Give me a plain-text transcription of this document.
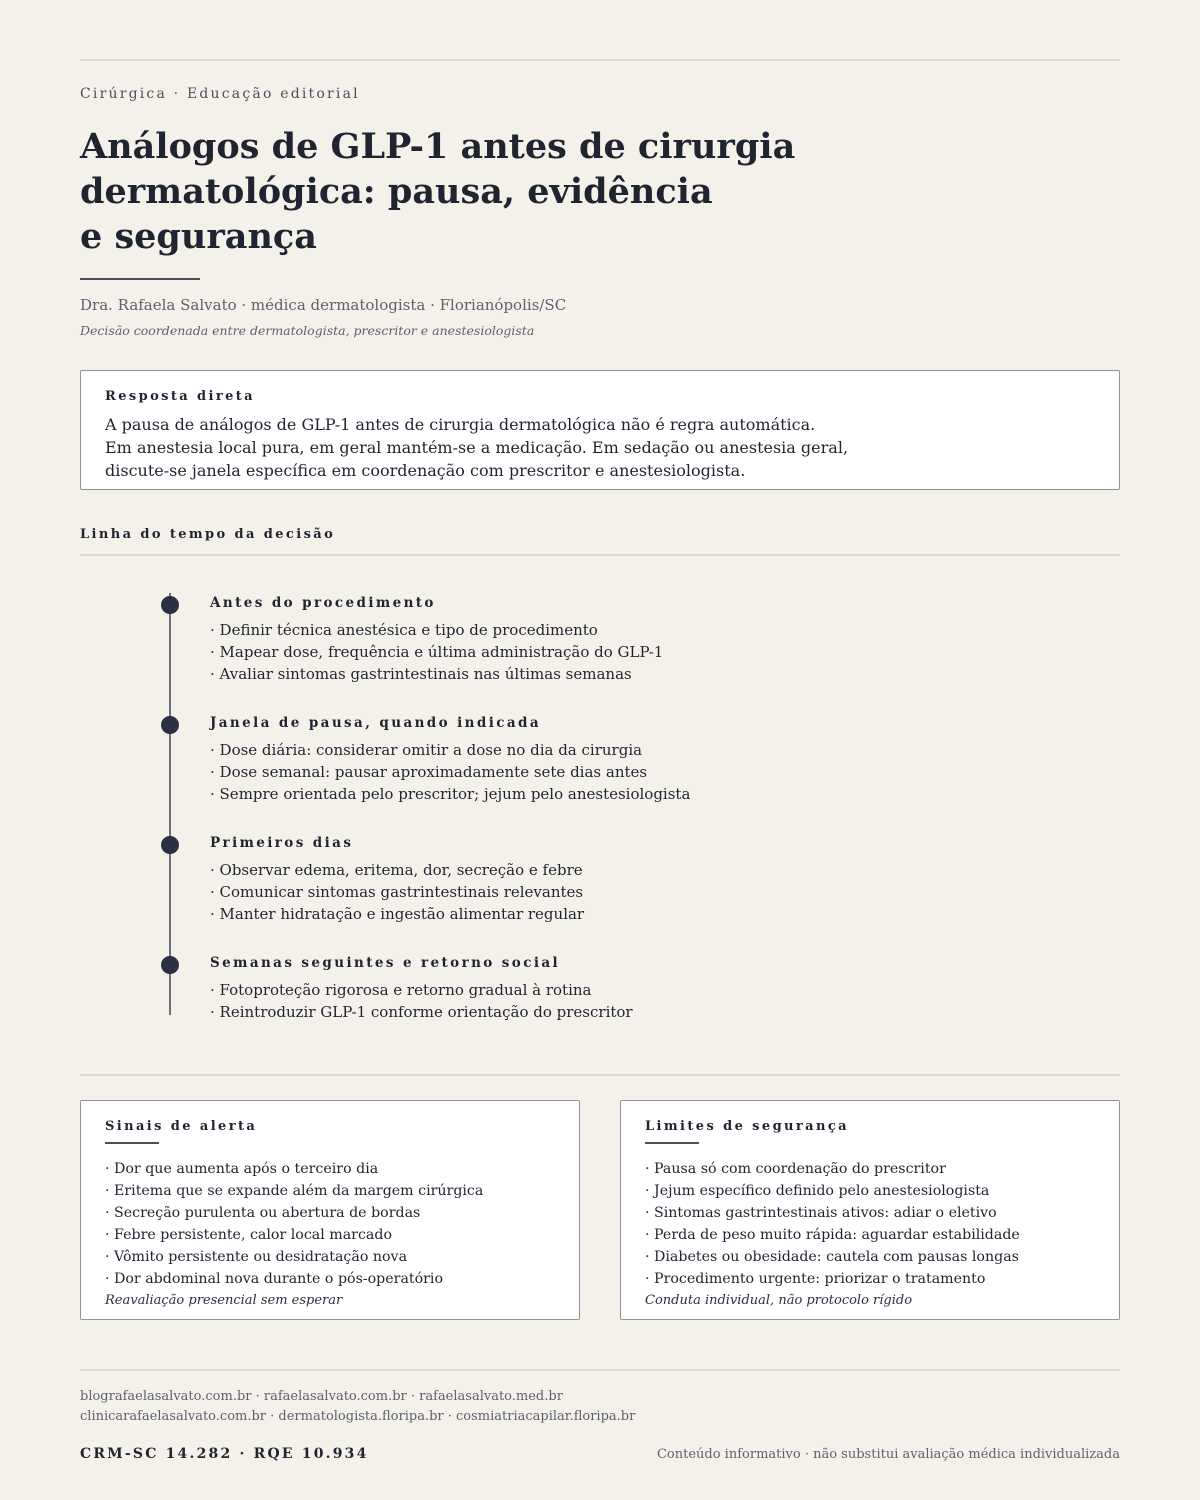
Cirúrgica · Educação editorial
Análogos de GLP-1 antes de cirurgia
dermatológica: pausa, evidência
e segurança
Dra. Rafaela Salvato · médica dermatologista · Florianópolis/SC
Decisão coordenada entre dermatologista, prescritor e anestesiologista
Resposta direta
A pausa de análogos de GLP-1 antes de cirurgia dermatológica não é regra automática.
Em anestesia local pura, em geral mantém-se a medicação. Em sedação ou anestesia geral,
discute-se janela específica em coordenação com prescritor e anestesiologista.
Linha do tempo da decisão
Antes do procedimento
· Definir técnica anestésica e tipo de procedimento
· Mapear dose, frequência e última administração do GLP-1
· Avaliar sintomas gastrintestinais nas últimas semanas
Janela de pausa, quando indicada
· Dose diária: considerar omitir a dose no dia da cirurgia
· Dose semanal: pausar aproximadamente sete dias antes
· Sempre orientada pelo prescritor; jejum pelo anestesiologista
Primeiros dias
· Observar edema, eritema, dor, secreção e febre
· Comunicar sintomas gastrintestinais relevantes
· Manter hidratação e ingestão alimentar regular
Semanas seguintes e retorno social
· Fotoproteção rigorosa e retorno gradual à rotina
· Reintroduzir GLP-1 conforme orientação do prescritor
Sinais de alerta
· Dor que aumenta após o terceiro dia
· Eritema que se expande além da margem cirúrgica
· Secreção purulenta ou abertura de bordas
· Febre persistente, calor local marcado
· Vômito persistente ou desidratação nova
· Dor abdominal nova durante o pós-operatório
Reavaliação presencial sem esperar
Limites de segurança
· Pausa só com coordenação do prescritor
· Jejum específico definido pelo anestesiologista
· Sintomas gastrintestinais ativos: adiar o eletivo
· Perda de peso muito rápida: aguardar estabilidade
· Diabetes ou obesidade: cautela com pausas longas
· Procedimento urgente: priorizar o tratamento
Conduta individual, não protocolo rígido
blografaelasalvato.com.br · rafaelasalvato.com.br · rafaelasalvato.med.br
clinicarafaelasalvato.com.br · dermatologista.floripa.br · cosmiatriacapilar.floripa.br
CRM-SC 14.282 · RQE 10.934	Conteúdo informativo · não substitui avaliação médica individualizada
